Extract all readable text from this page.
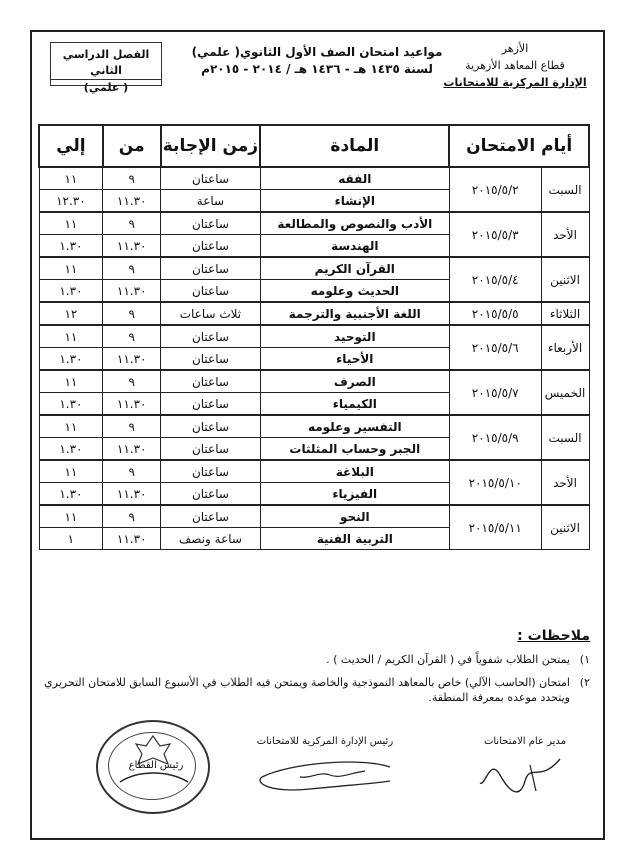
الأزهر
قطاع المعاهد الأزهرية
الإدارة المركزية للامتحانات
مواعيد امتحان الصف الأول الثانوي( علمي)
لسنة ١٤٣٥ هـ - ١٤٣٦ هـ / ٢٠١٤ - ٢٠١٥م
الفصل الدراسي الثاني
( علمي)
أيام الامتحان		المادة	زمن الإجابة	من	إلي
السبت	٢٠١٥/٥/٢	الفقه	ساعتان	٩	١١
		الإنشاء	ساعة	١١.٣٠	١٢.٣٠
الأحد	٢٠١٥/٥/٣	الأدب والنصوص والمطالعة	ساعتان	٩	١١
		الهندسة	ساعتان	١١.٣٠	١.٣٠
الاثنين	٢٠١٥/٥/٤	القرآن الكريم	ساعتان	٩	١١
		الحديث وعلومه	ساعتان	١١.٣٠	١.٣٠
الثلاثاء	٢٠١٥/٥/٥	اللغة الأجنبية والترجمة	ثلاث ساعات	٩	١٢
الأربعاء	٢٠١٥/٥/٦	التوحيد	ساعتان	٩	١١
		الأحياء	ساعتان	١١.٣٠	١.٣٠
الخميس	٢٠١٥/٥/٧	الصرف	ساعتان	٩	١١
		الكيمياء	ساعتان	١١.٣٠	١.٣٠
السبت	٢٠١٥/٥/٩	التفسير وعلومه	ساعتان	٩	١١
		الجبر وحساب المثلثات	ساعتان	١١.٣٠	١.٣٠
الأحد	٢٠١٥/٥/١٠	البلاغة	ساعتان	٩	١١
		الفيزياء	ساعتان	١١.٣٠	١.٣٠
الاثنين	٢٠١٥/٥/١١	النحو	ساعتان	٩	١١
		التربية الفنية	ساعة ونصف	١١.٣٠	١
ملاحظات :
١)
يمتحن الطلاب شفوياً في ( القرآن الكريم / الحديث ) .
٢)
امتحان (الحاسب الآلي) خاص بالمعاهد النموذجية والخاصة ويمتحن فيه الطلاب في الأسبوع السابق للامتحان التحريري ويتحدد موعده بمعرفة المنطقة.
مدير عام الامتحانات
رئيس الإدارة المركزية للامتحانات
رئيس القطاع
